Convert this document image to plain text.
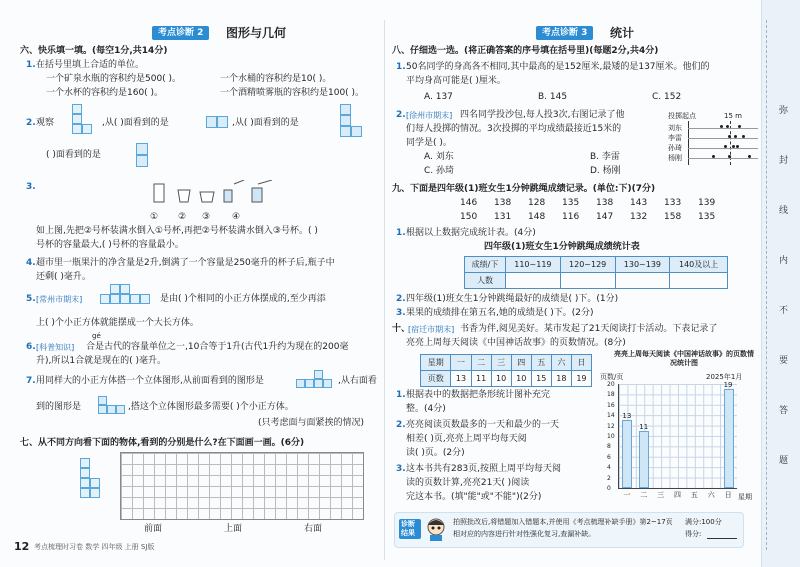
考点诊断 2	图形与几何
六、快乐填一填。(每空1分,共14分)
1. 在括号里填上合适的单位。
一个矿泉水瓶的容积约是500( )。	一个水桶的容积约是10( )。
一个水杯的容积约是160( )。	一个酒精喷雾瓶的容积约是100( )。
2. 观察	,从( )面看到的是	,从( )面看到的是
( )面看到的是
3.
① ② ③ ④
如上图,先把②号杯装满水倒入①号杯,再把②号杯装满水倒入③号杯。( )
号杯的容量最大,( )号杯的容量最小。
4. 超市里一瓶果汁的净含量是2升,倒满了一个容量是250毫升的杯子后,瓶子中
还剩( )毫升。
5. [常州市期末]	是由( )个相同的小正方体摆成的,至少再添
上( )个小正方体就能摆成一个大长方体。
gé
6. [科普知识] 合是古代的容量单位之一,10合等于1升(古代1升约为现在的200毫
升),所以1合就是现在的( )毫升。
7. 用同样大的小正方体搭一个立体图形,从前面看到的图形是	,从右面看
到的图形是	,搭这个立体图形最多需要( )个小正方体。
(只考虑面与面紧挨的情况)
七、从不同方向看下面的物体,看到的分别是什么?在下面画一画。(6分)
前面	上面	右面
12 考点梳理时习卷 数学 四年级 上册 SJ版
考点诊断 3	统计
八、仔细选一选。(将正确答案的序号填在括号里)(每题2分,共4分)
1. 50名同学的身高各不相同,其中最高的是152厘米,最矮的是137厘米。他们的
平均身高可能是( )厘米。
A. 137	B. 145	C. 152
2. [徐州市期末] 四名同学投沙包,每人投3次,右图记录了他
们每人投掷的情况。3次投掷的平均成绩最接近15米的
同学是( )。
A. 刘东	B. 李雷
C. 孙琦	D. 杨刚
投掷起点	15 m
刘东
李雷
孙琦
杨刚
九、下面是四年级(1)班女生1分钟跳绳成绩记录。(单位:下)(7分)
146 138 128 135 138 143 133 139
150 131 148 116 147 132 158 135
1. 根据以上数据完成统计表。(4分)
四年级(1)班女生1分钟跳绳成绩统计表
成绩/下	110~119	120~129	130~139	140及以上
人数				
2. 四年级(1)班女生1分钟跳绳最好的成绩是( )下。(1分)
3. 果果的成绩排在第五名,她的成绩是( )下。(2分)
十、
[宿迁市期末] 书香为伴,阅见美好。某市发起了21天阅读打卡活动。下表记录了
亮亮上周每天阅读《中国神话故事》的页数情况。(8分)
星期	一	二	三	四	五	六	日
页数	13	11	10	10	15	18	19
1. 根据表中的数据把条形统计图补充完
整。(4分)
2. 亮亮阅读页数最多的一天和最少的一天
相差( )页,亮亮上周平均每天阅
读( )页。(2分)
3. 这本书共有283页,按照上周平均每天阅
读的页数计算,亮亮21天( )阅读
完这本书。(填"能"或"不能")(2分)
亮亮上周每天阅读《中国神话故事》的页数情况统计图
页数/页	2025年1月
星期
0
2
4
6
8
10
12
14
16
18
20
一
13
二
11
三 四 五 六 日
19
诊断结果
拍照批改后,将错题加入错题本,并使用《考点梳理补缺手册》第2~17页
相对应的内容进行针对性强化复习,查漏补缺。
满分:100分
得分:
弥
封
线
内
不
要
答
题
